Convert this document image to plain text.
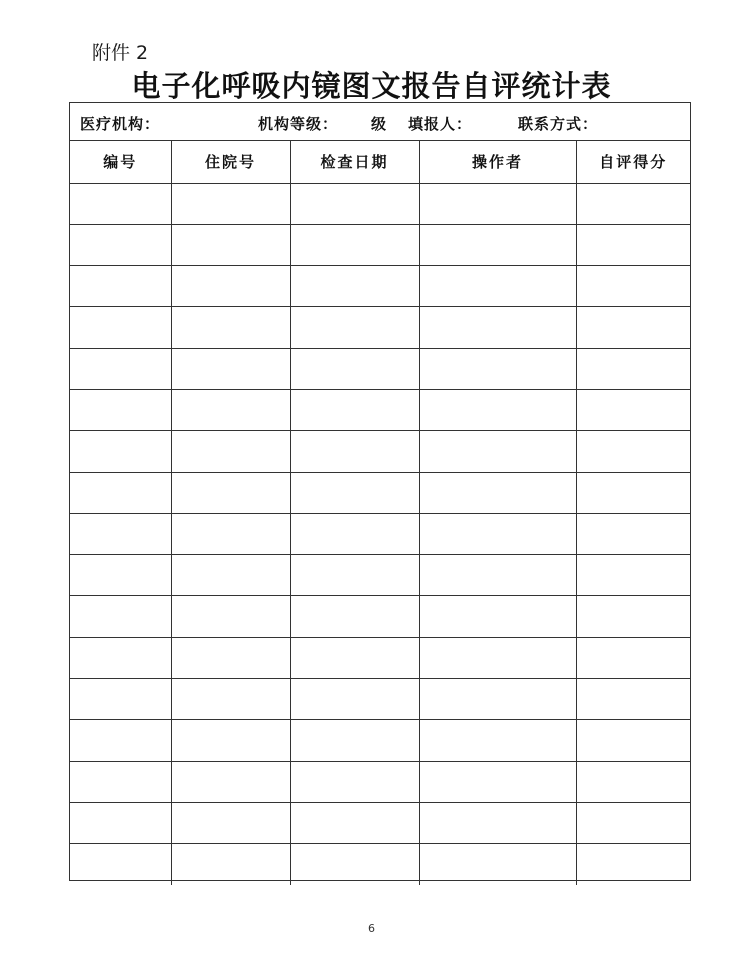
附件 2
电子化呼吸内镜图文报告自评统计表
医疗机构：	机构等级： 级 填报人：	联系方式：
编号	住院号	检查日期	操作者	自评得分

6
